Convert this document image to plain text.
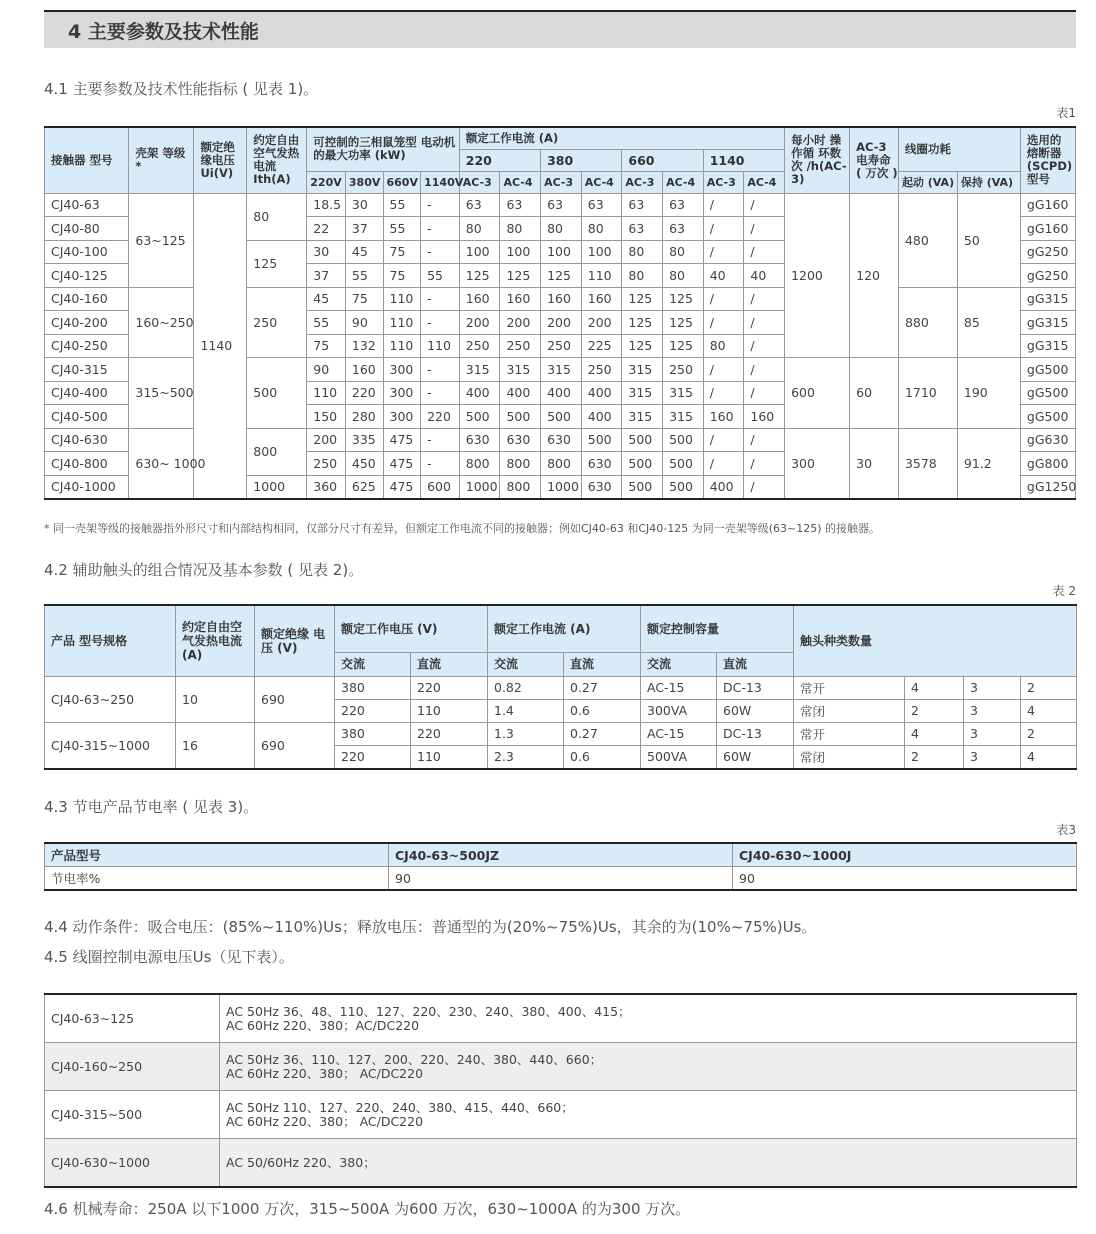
4 主要参数及技术性能
4.1 主要参数及技术性能指标 ( 见表 1)。
表1
接触器 型号	壳架 等级 *	额定绝 缘电压 Ui(V)	约定自由 空气发热 电流 Ith(A)	可控制的三相鼠笼型 电动机的最大功率 (kW)				额定工作电流 (A)								每小时 操作循 环数次 /h(AC-3)	AC-3 电寿命 ( 万次 )	线圈功耗		选用的 熔断器 (SCPD) 型号
								220		380		660		1140						
				220V	380V	660V	1140V	AC-3	AC-4	AC-3	AC-4	AC-3	AC-4	AC-3	AC-4			起动 (VA)	保持 (VA)	
CJ40-63	63~125	1140	80	18.5	30	55	-	63	63	63	63	63	63	/	/	1200	120	480	50	gG160
CJ40-80				22	37	55	-	80	80	80	80	63	63	/	/					gG160
CJ40-100			125	30	45	75	-	100	100	100	100	80	80	/	/					gG250
CJ40-125				37	55	75	55	125	125	125	110	80	80	40	40					gG250
CJ40-160	160~250		250	45	75	110	-	160	160	160	160	125	125	/	/			880	85	gG315
CJ40-200				55	90	110	-	200	200	200	200	125	125	/	/					gG315
CJ40-250				75	132	110	110	250	250	250	225	125	125	80	/					gG315
CJ40-315	315~500		500	90	160	300	-	315	315	315	250	315	250	/	/	600	60	1710	190	gG500
CJ40-400				110	220	300	-	400	400	400	400	315	315	/	/					gG500
CJ40-500				150	280	300	220	500	500	500	400	315	315	160	160					gG500
CJ40-630	630~ 1000		800	200	335	475	-	630	630	630	500	500	500	/	/	300	30	3578	91.2	gG630
CJ40-800				250	450	475	-	800	800	800	630	500	500	/	/					gG800
CJ40-1000			1000	360	625	475	600	1000	800	1000	630	500	500	400	/					gG1250
* 同一壳架等级的接触器指外形尺寸和内部结构相同，仅部分尺寸有差异，但额定工作电流不同的接触器；例如CJ40-63 和CJ40-125 为同一壳架等级(63~125) 的接触器。
4.2 辅助触头的组合情况及基本参数 ( 见表 2)。
表 2
产品 型号规格	约定自由空 气发热电流 (A)	额定绝缘 电压 (V)	额定工作电压 (V)		额定工作电流 (A)		额定控制容量		触头种类数量			
			交流	直流	交流	直流	交流	直流				
CJ40-63~250	10	690	380	220	0.82	0.27	AC-15	DC-13	常开	4	3	2
			220	110	1.4	0.6	300VA	60W	常闭	2	3	4
CJ40-315~1000	16	690	380	220	1.3	0.27	AC-15	DC-13	常开	4	3	2
			220	110	2.3	0.6	500VA	60W	常闭	2	3	4
4.3 节电产品节电率 ( 见表 3)。
表3
产品型号	CJ40-63~500JZ	CJ40-630~1000J
节电率%	90	90
4.4 动作条件：吸合电压：(85%~110%)Us；释放电压：普通型的为(20%~75%)Us，其余的为(10%~75%)Us。
4.5 线圈控制电源电压Us（见下表）。
CJ40-63~125	AC 50Hz 36、48、110、127、220、230、240、380、400、415；
AC 60Hz 220、380；AC/DC220

CJ40-160~250	AC 50Hz 36、110、127、200、220、240、380、440、660；
AC 60Hz 220、380； AC/DC220

CJ40-315~500	AC 50Hz 110、127、220、240、380、415、440、660；
AC 60Hz 220、380； AC/DC220

CJ40-630~1000	AC 50/60Hz 220、380；
4.6 机械寿命：250A 以下1000 万次，315~500A 为600 万次，630~1000A 的为300 万次。
